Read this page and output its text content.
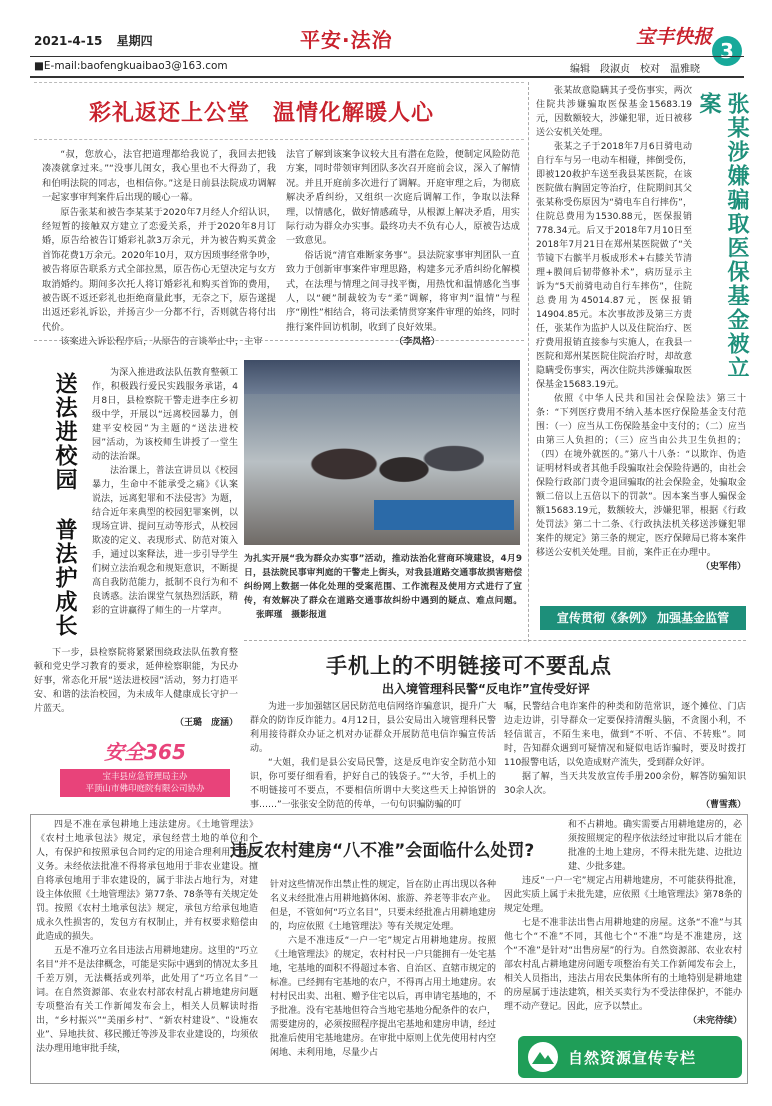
2021-4-15 星期四	平安·法治	宝丰快报
3
■E-mail:baofengkuaibao3@163.com	编辑　段淑贞　校对　温雅晓
彩礼返还上公堂　温情化解暖人心

“叔，您放心，法官把道理都给我说了，我回去把钱凑凑就拿过来。”“没事儿闺女，我心里也不大得劲了，我和伯明法院的同志，也相信你。”这是日前县法院成功调解一起家事审判案件后出现的暖心一幕。

原告张某和被告李某某于2020年7月经人介绍认识，经短暂的接触双方建立了恋爱关系，并于2020年8月订婚，原告给被告订婚彩礼款3万余元，并为被告购买黄金首饰花费1万余元。2020年10月，双方因琐事经常争吵，被告将原告联系方式全部拉黑，原告伤心无望决定与女方取消婚约。期间多次托人将订婚彩礼和购买首饰的费用，被告既不返还彩礼也拒绝商量此事，无奈之下，原告遂提出返还彩礼诉讼，并扬言少一分都不行，否则就告将付出代价。

该案进入诉讼程序后，从原告的言谈举止中，主审

法官了解到该案争议较大且有潜在危险，便制定风险防范方案，同时带领审判团队多次召开庭前会议，深入了解情况。并且开庭前多次进行了调解。开庭审理之后，为彻底解决矛盾纠纷，又组织一次庭后调解工作，争取以法释理，以情感化，做好情感疏导，从根源上解决矛盾，用实际行动为群众办实事。最终功夫不负有心人，原被告达成一致意见。

俗话说“清官难断家务事”。县法院家事审判团队一直致力于创新审事案件审理思路，构建多元矛盾纠纷化解模式，在法理与情理之间寻找平衡，用热忱和温情感化当事人，以“硬”制裁较为专“柔”调解，将审判“温情”与程序“刚性”相结合，将司法柔情贯穿案件审理的始终，同时推行案件回访机制，收到了良好效果。

（李凤格）

张某故意隐瞒其子受伤事实，两次住院共涉嫌骗取医保基金15683.19元，因数额较大，涉嫌犯罪，近日被移送公安机关处理。

张某之子于2018年7月6日骑电动自行车与另一电动车相碰，摔倒受伤，即被120救护车送至我县某医院，在该医院做右胸固定等治疗，住院期间其父张某称受伤原因为“骑电车自行摔伤”，住院总费用为1530.88元，医保报销778.34元。后又于2018年7月10日至2018年7月21日在郑州某医院做了“关节镜下右髌半月板成形术+右膝关节清理+膜间后韧带修补术”，病历显示主诉为“5天前骑电动自行车摔伤”，住院总费用为45014.87元，医保报销14904.85元。本次事故涉及第三方责任，张某作为监护人以及住院治疗、医疗费用报销直接参与实施人，在我县一医院和郑州某医院住院治疗时，却故意隐瞒受伤事实，两次住院共涉嫌骗取医保基金15683.19元。

张某涉嫌骗取医保基金被立案

依照《中华人民共和国社会保险法》第三十条：“下列医疗费用不纳入基本医疗保险基金支付范围：（一）应当从工伤保险基金中支付的；（二）应当由第三人负担的；（三）应当由公共卫生负担的；（四）在境外就医的。”第八十八条：“以欺诈、伪造证明材料或者其他手段骗取社会保险待遇的，由社会保险行政部门责令退回骗取的社会保险金，处骗取金额二倍以上五倍以下的罚款”。因本案当事人骗保金额15683.19元，数额较大，涉嫌犯罪，根据《行政处罚法》第二十二条、《行政执法机关移送涉嫌犯罪案件的规定》第三条的规定，医疗保障局已将本案件移送公安机关处理。目前，案件正在办理中。

（史军伟）
宣传贯彻《条例》 加强基金监管
送法进校园 普法护成长

为深入推进政法队伍教育整顿工作，积极践行爱民实践服务承诺，4月8日，县检察院干警走进李庄乡初级中学，开展以“远离校园暴力，创建平安校园”为主题的“送法进校园”活动，为该校师生讲授了一堂生动的法治课。

法治课上，普法宣讲员以《校园暴力，生命中不能承受之痛》《认案说法，远离犯罪和不法侵害》为题，结合近年来典型的校园犯罪案例，以现场宣讲、提问互动等形式，从校园欺凌的定义、表现形式、防范对策入手，通过以案释法，进一步引导学生们树立法治观念和规矩意识，不断提高自我防范能力，抵制不良行为和不良诱惑。法治课堂气氛热烈活跃，精彩的宣讲赢得了师生的一片掌声。

下一步，县检察院将紧紧围绕政法队伍教育整顿和党史学习教育的要求，延伸检察职能，为民办好事，常态化开展“送法进校园”活动，努力打造平安、和谐的法治校园，为未成年人健康成长守护一片蓝天。

（王璐　庞涵）
安全365
宝丰县应急管理局主办
平顶山市佛印庭院有限公司协办
为扎实开展“我为群众办实事”活动，推动法治化营商环境建设，4月9日，县法院民事审判庭的干警走上街头，对我县道路交通事故损害赔偿纠纷网上数据一体化处理的受案范围、工作流程及使用方式进行了宣传，有效解决了群众在道路交通事故纠纷中遇到的疑点、难点问题。 张晖瑾　摄影报道
手机上的不明链接可不要乱点
出入境管理科民警“反电诈”宣传受好评

为进一步加强辖区居民防范电信网络诈骗意识，提升广大群众的防诈反诈能力。4月12日，县公安局出入境管理科民警利用接待群众办证之机对办证群众开展防范电信诈骗宣传活动。

“大姐，我们是县公安局民警，这是反电诈安全防范小知识，你可要仔细看看，护好自己的钱袋子。”“大爷，手机上的不明链接可不要点，不要相信所谓中大奖这些天上掉馅饼的事……”一张张安全防范的传单，一句句识骗防骗的叮

嘱，民警结合电诈案件的种类和防范常识，逐个摊位、门店边走边讲，引导群众一定要保持清醒头脑，不贪图小利，不轻信谎言，不陌生来电，做到“不听、不信、不转账”。同时，告知群众遇到可疑情况和疑似电话诈骗时，要及时拨打110报警电话，以免造成财产流失，受到群众好评。

据了解，当天共发放宣传手册200余份，解答防骗知识30余人次。

（曹雪燕）

四是不准在承包耕地上违法建房。《土地管理法》《农村土地承包法》规定，承包经营土地的单位和个人，有保护和按照承包合同约定的用途合理利用土地的义务。未经依法批准不得将承包地用于非农业建设。擅自将承包地用于非农建设的，属于非法占地行为，对建设主体依照《土地管理法》第77条、78条等有关规定处罚。按照《农村土地承包法》规定，承包方给承包地造成永久性损害的，发包方有权制止，并有权要求赔偿由此造成的损失。

五是不准巧立名目违法占用耕地建房。这里的“巧立名目”并不是法律概念，可能是实际中遇到的情况太多且千差万别，无法概括或列举，此处用了“巧立名目”一词。在自然资源部、农业农村部农村乱占耕地建房问题专项整治有关工作新闻发布会上，相关人员解读时指出，“乡村振兴”“美丽乡村”、“新农村建设”、“设施农业”、异地扶贫、移民搬迁等涉及非农业建设的，均须依法办理用地审批手续，

违反农村建房“八不准”会面临什么处罚?

针对这些情况作出禁止性的规定，旨在防止再出现以各种名义未经批准占用耕地搞休闲、旅游、养老等非农产业。但是，不管如何“巧立名目”，只要未经批准占用耕地建房的，均应依照《土地管理法》等有关规定处理。

六是不准违反“一户一宅”规定占用耕地建房。按照《土地管理法》的规定，农村村民一户只能拥有一处宅基地，宅基地的面积不得超过本省、自治区、直辖市规定的标准。已经拥有宅基地的农户，不得再占用土地建房。农村村民出卖、出租、赠予住宅以后，再申请宅基地的，不予批准。没有宅基地但符合当地宅基地分配条件的农户，需要建房的，必须按照程序提出宅基地和建房申请，经过批准后使用宅基地建房。在审批中原则上优先使用村内空闲地、未利用地，尽量少占

和不占耕地。确实需要占用耕地建房的，必须按照规定的程序依法经过审批以后才能在批准的土地上建房，不得未批先建、边批边建、少批多建。

违反“一户一宅”规定占用耕地建房，不可能获得批准，因此实质上属于未批先建，应依照《土地管理法》第78条的规定处理。

七是不准非法出售占用耕地建的房屋。这条“不准”与其他七个“不准”不同，其他七个“不准”均是不准建房，这个“不准”是针对“出售房屋”的行为。自然资源部、农业农村部农村乱占耕地建房问题专项整治有关工作新闻发布会上，相关人员指出，违法占用农民集体所有的土地特别是耕地建的房屋属于违法建筑，相关买卖行为不受法律保护，不能办理不动产登记。因此，应予以禁止。

（未完待续）
自然资源宣传专栏
